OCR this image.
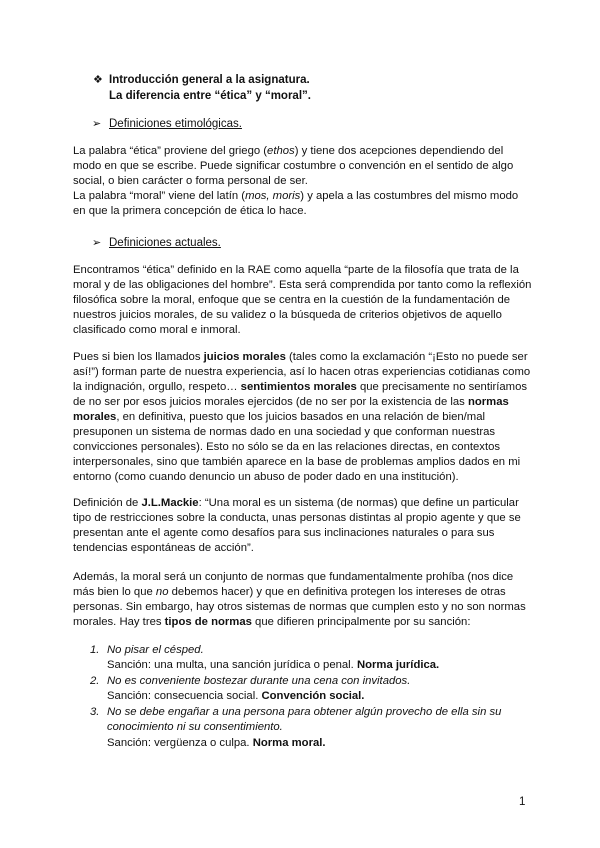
❖ Introducción general a la asignatura.

La diferencia entre “ética” y “moral”.

➢ Definiciones etimológicas.

La palabra “ética” proviene del griego (ethos) y tiene dos acepciones dependiendo del modo en que se escribe. Puede significar costumbre o convención en el sentido de algo social, o bien carácter o forma personal de ser.

La palabra “moral” viene del latín (mos, moris) y apela a las costumbres del mismo modo en que la primera concepción de ética lo hace.

➢ Definiciones actuales.

Encontramos “ética” definido en la RAE como aquella “parte de la filosofía que trata de la moral y de las obligaciones del hombre”. Esta será comprendida por tanto como la reflexión filosófica sobre la moral, enfoque que se centra en la cuestión de la fundamentación de nuestros juicios morales, de su validez o la búsqueda de criterios objetivos de aquello clasificado como moral e inmoral.

Pues si bien los llamados juicios morales (tales como la exclamación “¡Esto no puede ser así!”) forman parte de nuestra experiencia, así lo hacen otras experiencias cotidianas como la indignación, orgullo, respeto… sentimientos morales que precisamente no sentiríamos de no ser por esos juicios morales ejercidos (de no ser por la existencia de las normas morales, en definitiva, puesto que los juicios basados en una relación de bien/mal presuponen un sistema de normas dado en una sociedad y que conforman nuestras convicciones personales). Esto no sólo se da en las relaciones directas, en contextos interpersonales, sino que también aparece en la base de problemas amplios dados en mi entorno (como cuando denuncio un abuso de poder dado en una institución).

Definición de J.L.Mackie: “Una moral es un sistema (de normas) que define un particular tipo de restricciones sobre la conducta, unas personas distintas al propio agente y que se presentan ante el agente como desafíos para sus inclinaciones naturales o para sus tendencias espontáneas de acción”.

Además, la moral será un conjunto de normas que fundamentalmente prohíba (nos dice más bien lo que no debemos hacer) y que en definitiva protegen los intereses de otras personas. Sin embargo, hay otros sistemas de normas que cumplen esto y no son normas morales. Hay tres tipos de normas que difieren principalmente por su sanción:

1. No pisar el césped.
Sanción: una multa, una sanción jurídica o penal. Norma jurídica.
2. No es conveniente bostezar durante una cena con invitados.
Sanción: consecuencia social. Convención social.
3. No se debe engañar a una persona para obtener algún provecho de ella sin su conocimiento ni su consentimiento.
Sanción: vergüenza o culpa. Norma moral.
1
